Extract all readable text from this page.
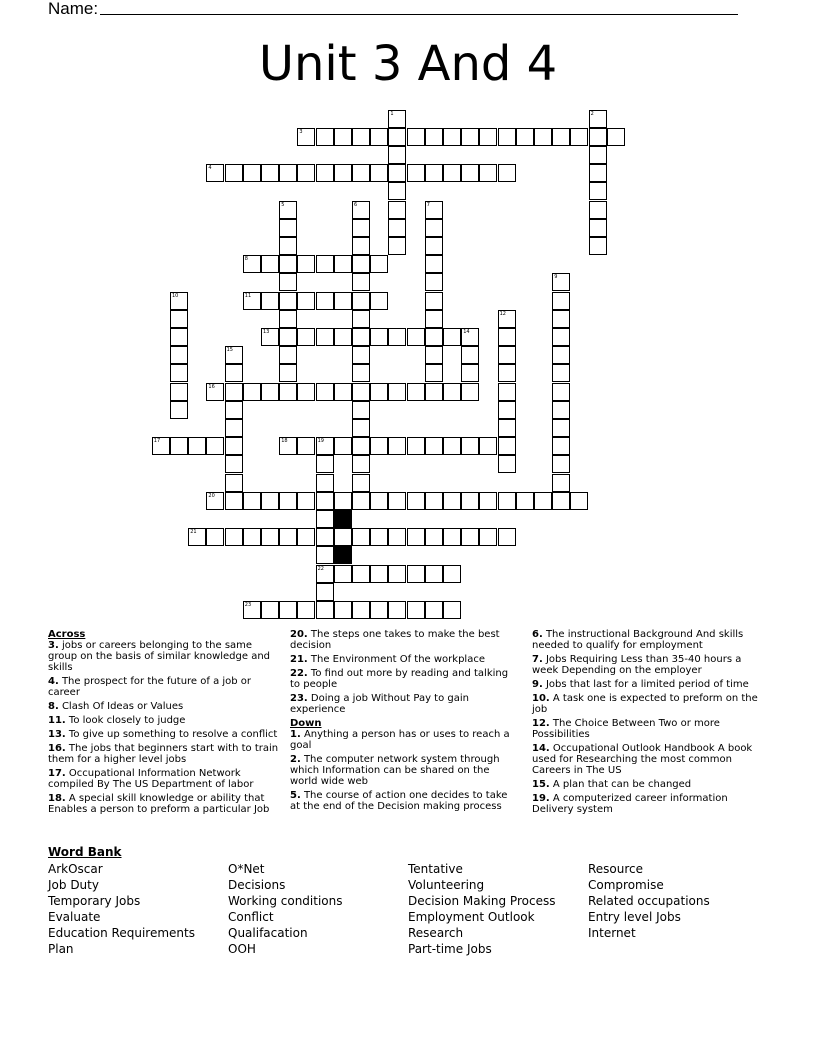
Name:
Unit 3 And 4
1	2
3
4
5	6	7
8
9
10	11
12
13	14
15
16
17	18	19
22
20
21
23
Across
3. jobs or careers belonging to the same group on the basis of similar knowledge and skills
4. The prospect for the future of a job or career
8. Clash Of Ideas or Values
11. To look closely to judge
13. To give up something to resolve a conflict
16. The jobs that beginners start with to train them for a higher level jobs
17. Occupational Information Network compiled By The US Department of labor
18. A special skill knowledge or ability that Enables a person to preform a particular Job
20. The steps one takes to make the best decision
21. The Environment Of the workplace
22. To find out more by reading and talking to people
23. Doing a job Without Pay to gain experience
Down
1. Anything a person has or uses to reach a goal
2. The computer network system through which Information can be shared on the world wide web
5. The course of action one decides to take at the end of the Decision making process
6. The instructional Background And skills needed to qualify for employment
7. Jobs Requiring Less than 35-40 hours a week Depending on the employer
9. Jobs that last for a limited period of time
10. A task one is expected to preform on the job
12. The Choice Between Two or more Possibilities
14. Occupational Outlook Handbook A book used for Researching the most common Careers in The US
15. A plan that can be changed
19. A computerized career information Delivery system
Word Bank
ArkOscar
Job Duty
Temporary Jobs
Evaluate
Education Requirements
Plan
O*Net
Decisions
Working conditions
Conflict
Qualifacation
OOH
Tentative
Volunteering
Decision Making Process
Employment Outlook
Research
Part-time Jobs
Resource
Compromise
Related occupations
Entry level Jobs
Internet
